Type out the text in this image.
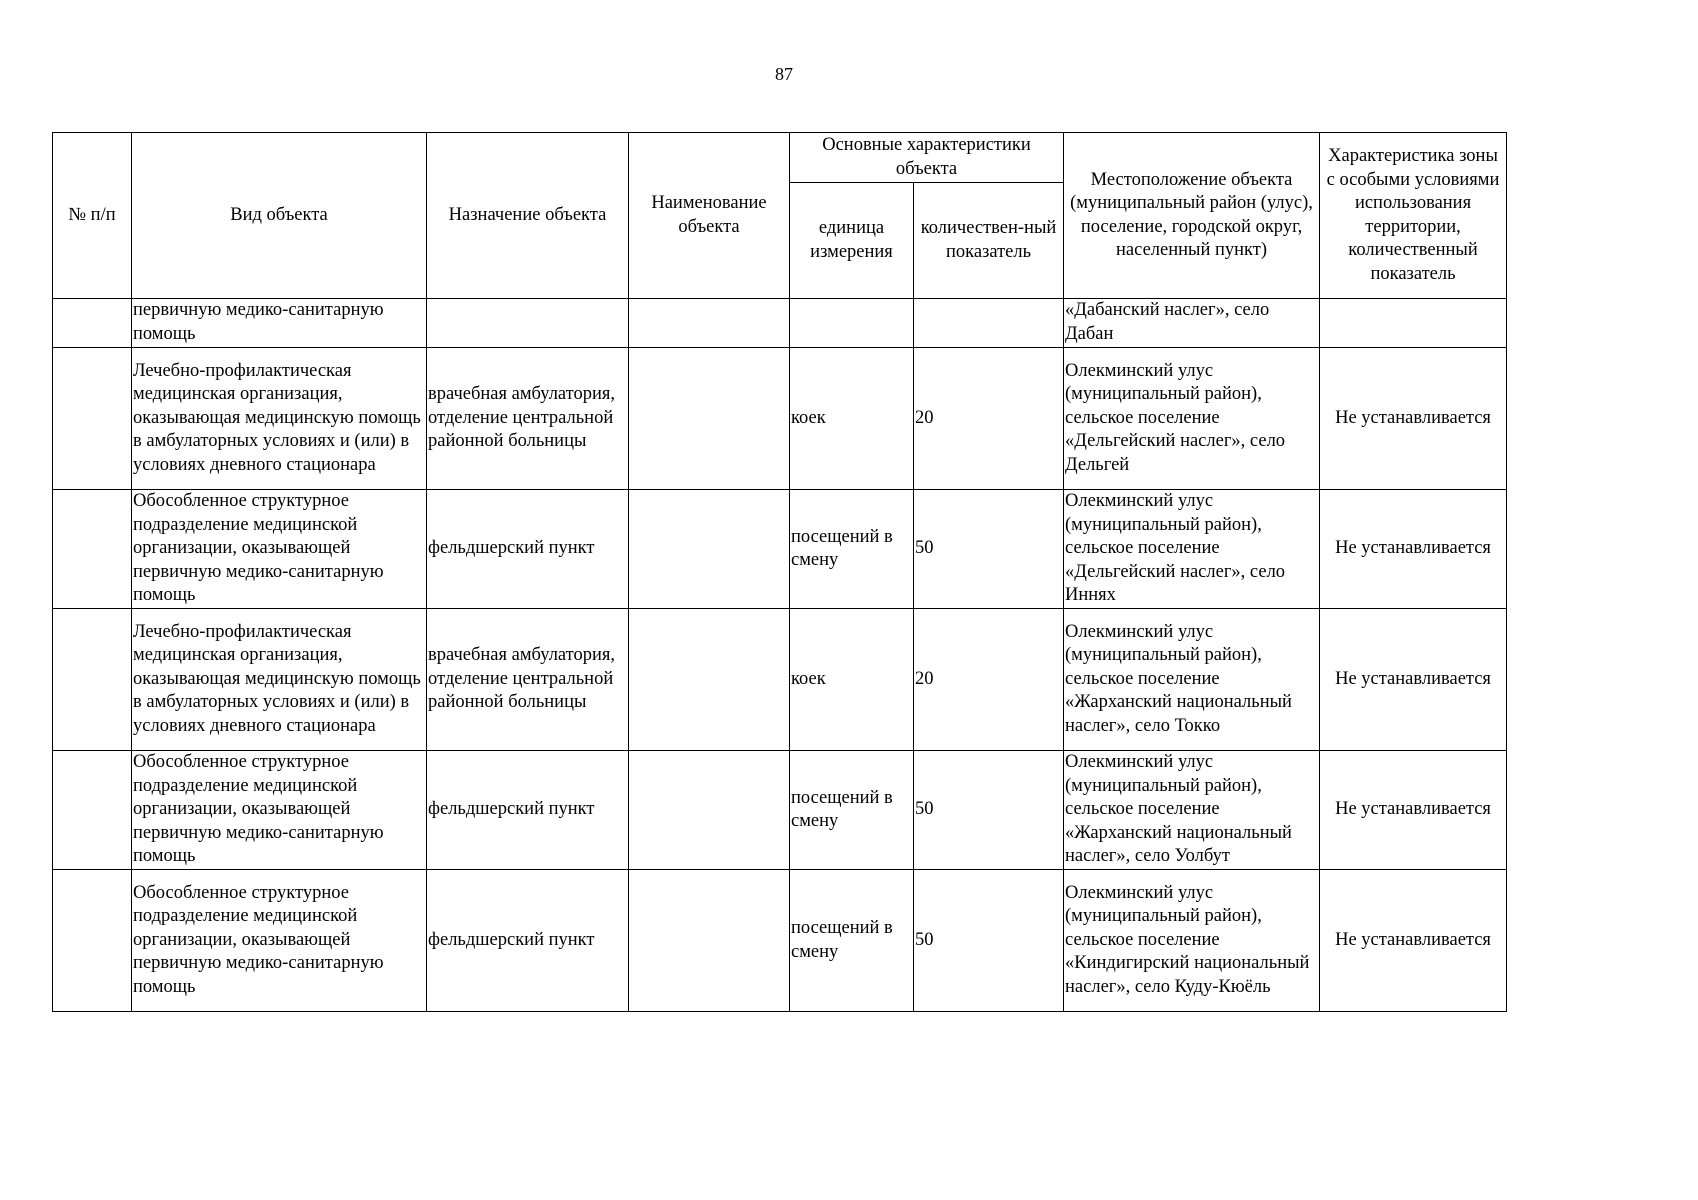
87
№ п/п	Вид объекта	Назначение объекта	Наименование объекта	Основные характеристики объекта		Местоположение объекта (муниципальный район (улус), поселение, городской округ, населенный пункт)	Характеристика зоны с особыми условиями использования территории, количественный показатель
				единица измерения	количествен-ный показатель		
	первичную медико-санитарную помощь					«Дабанский наслег», село Дабан	
	Лечебно-профилактическая медицинская организация, оказывающая медицинскую помощь в амбулаторных условиях и (или) в условиях дневного стационара	врачебная амбулатория, отделение центральной районной больницы		коек	20	Олекминский улус (муниципальный район), сельское поселение «Дельгейский наслег», село Дельгей	Не устанавливается
	Обособленное структурное подразделение медицинской организации, оказывающей первичную медико-санитарную помощь	фельдшерский пункт		посещений в смену	50	Олекминский улус (муниципальный район), сельское поселение «Дельгейский наслег», село Иннях	Не устанавливается
	Лечебно-профилактическая медицинская организация, оказывающая медицинскую помощь в амбулаторных условиях и (или) в условиях дневного стационара	врачебная амбулатория, отделение центральной районной больницы		коек	20	Олекминский улус (муниципальный район), сельское поселение «Жарханский национальный наслег», село Токко	Не устанавливается
	Обособленное структурное подразделение медицинской организации, оказывающей первичную медико-санитарную помощь	фельдшерский пункт		посещений в смену	50	Олекминский улус (муниципальный район), сельское поселение «Жарханский национальный наслег», село Уолбут	Не устанавливается
	Обособленное структурное подразделение медицинской организации, оказывающей первичную медико-санитарную помощь	фельдшерский пункт		посещений в смену	50	Олекминский улус (муниципальный район), сельское поселение «Киндигирский национальный наслег», село Куду-Кюёль	Не устанавливается
